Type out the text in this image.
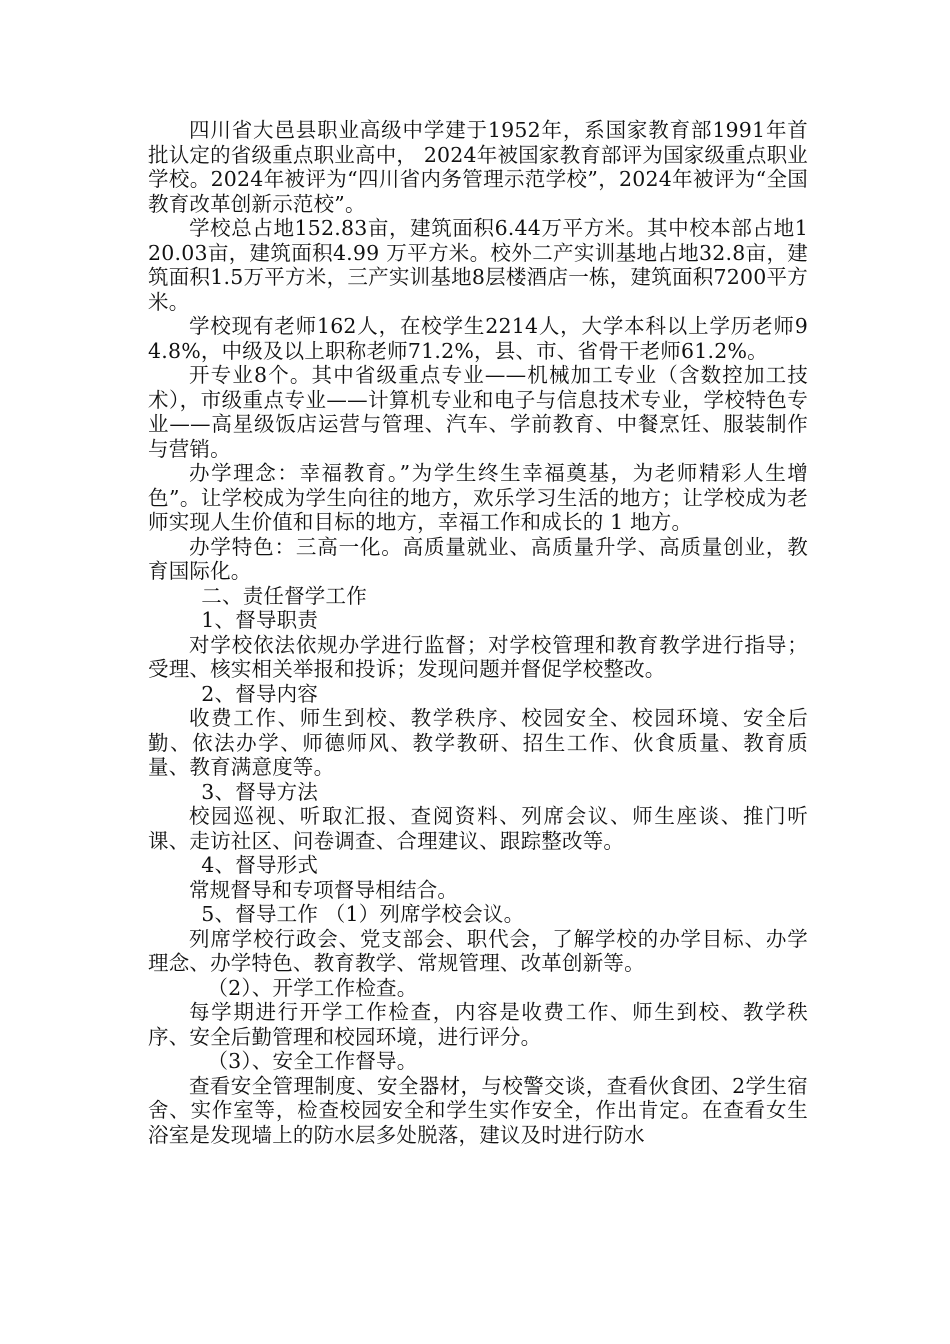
四川省大邑县职业高级中学建于1952年，系国家教育部1991年首批认定的省级重点职业高中， 2024年被国家教育部评为国家级重点职业学校。2024年被评为“四川省内务管理示范学校”，2024年被评为“全国教育改革创新示范校”。

学校总占地152.83亩，建筑面积6.44万平方米。其中校本部占地120.03亩，建筑面积4.99 万平方米。校外二产实训基地占地32.8亩，建筑面积1.5万平方米，三产实训基地8层楼酒店一栋，建筑面积7200平方米。

学校现有老师162人，在校学生2214人，大学本科以上学历老师94.8%，中级及以上职称老师71.2%，县、市、省骨干老师61.2%。

开专业8个。其中省级重点专业——机械加工专业（含数控加工技术），市级重点专业——计算机专业和电子与信息技术专业，学校特色专业——高星级饭店运营与管理、汽车、学前教育、中餐烹饪、服装制作与营销。

办学理念：幸福教育。”为学生终生幸福奠基，为老师精彩人生增色”。让学校成为学生向往的地方，欢乐学习生活的地方；让学校成为老师实现人生价值和目标的地方，幸福工作和成长的 1 地方。

办学特色：三高一化。高质量就业、高质量升学、高质量创业，教育国际化。

二、责任督学工作

1、督导职责

对学校依法依规办学进行监督；对学校管理和教育教学进行指导；受理、核实相关举报和投诉；发现问题并督促学校整改。

2、督导内容

收费工作、师生到校、教学秩序、校园安全、校园环境、安全后勤、依法办学、师德师风、教学教研、招生工作、伙食质量、教育质量、教育满意度等。

3、督导方法

校园巡视、听取汇报、查阅资料、列席会议、师生座谈、推门听课、走访社区、问卷调查、合理建议、跟踪整改等。

4、督导形式

常规督导和专项督导相结合。

5、督导工作 （1）列席学校会议。

列席学校行政会、党支部会、职代会，了解学校的办学目标、办学理念、办学特色、教育教学、常规管理、改革创新等。

（2）、开学工作检查。

每学期进行开学工作检查，内容是收费工作、师生到校、教学秩序、安全后勤管理和校园环境，进行评分。

（3）、安全工作督导。

查看安全管理制度、安全器材，与校警交谈，查看伙食团、2学生宿舍、实作室等，检查校园安全和学生实作安全，作出肯定。在查看女生浴室是发现墙上的防水层多处脱落，建议及时进行防水
